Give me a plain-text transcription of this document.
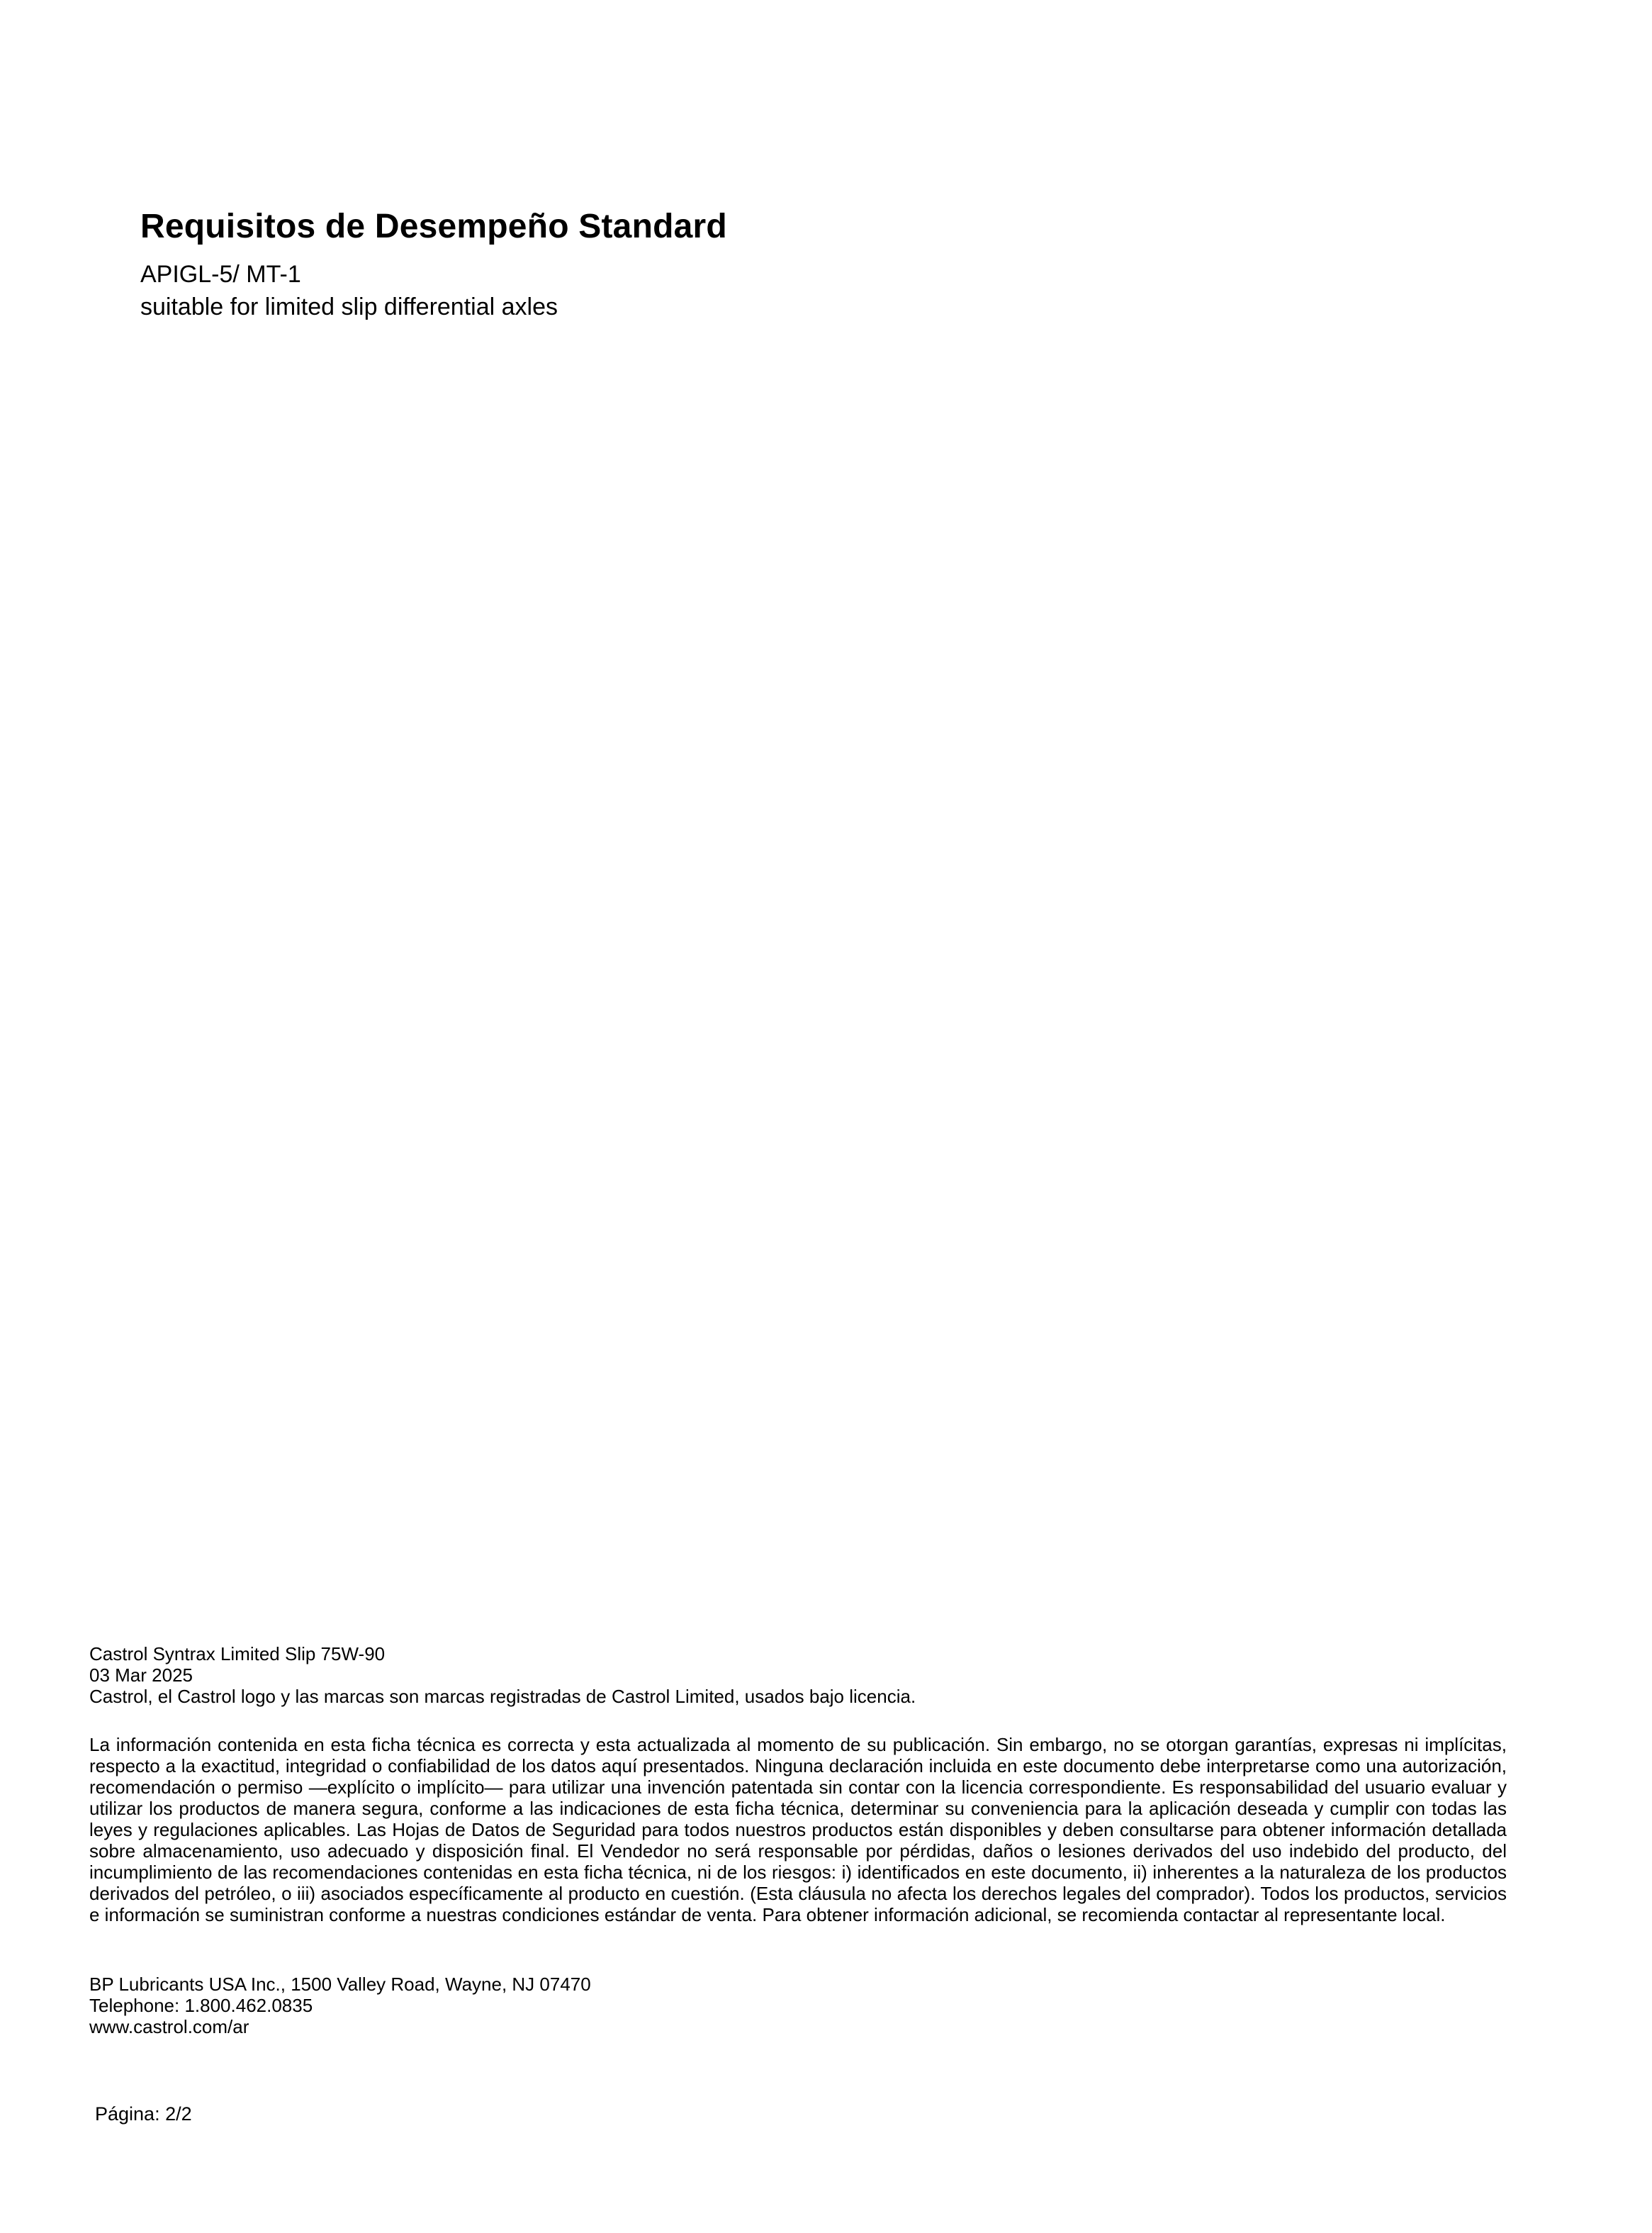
Requisitos de Desempeño Standard

APIGL-5/ MT-1

suitable for limited slip differential axles

Castrol Syntrax Limited Slip 75W-90
03 Mar 2025
Castrol, el Castrol logo y las marcas son marcas registradas de Castrol Limited, usados bajo licencia.

La información contenida en esta ficha técnica es correcta y esta actualizada al momento de su publicación. Sin embargo, no se otorgan garantías, expresas ni implícitas, respecto a la exactitud, integridad o confiabilidad de los datos aquí presentados. Ninguna declaración incluida en este documento debe interpretarse como una autorización, recomendación o permiso —explícito o implícito— para utilizar una invención patentada sin contar con la licencia correspondiente. Es responsabilidad del usuario evaluar y utilizar los productos de manera segura, conforme a las indicaciones de esta ficha técnica, determinar su conveniencia para la aplicación deseada y cumplir con todas las leyes y regulaciones aplicables. Las Hojas de Datos de Seguridad para todos nuestros productos están disponibles y deben consultarse para obtener información detallada sobre almacenamiento, uso adecuado y disposición final. El Vendedor no será responsable por pérdidas, daños o lesiones derivados del uso indebido del producto, del incumplimiento de las recomendaciones contenidas en esta ficha técnica, ni de los riesgos: i) identificados en este documento, ii) inherentes a la naturaleza de los productos derivados del petróleo, o iii) asociados específicamente al producto en cuestión. (Esta cláusula no afecta los derechos legales del comprador). Todos los productos, servicios e información se suministran conforme a nuestras condiciones estándar de venta. Para obtener información adicional, se recomienda contactar al representante local.

BP Lubricants USA Inc., 1500 Valley Road, Wayne, NJ 07470
Telephone: 1.800.462.0835
www.castrol.com/ar
Página: 2/2
